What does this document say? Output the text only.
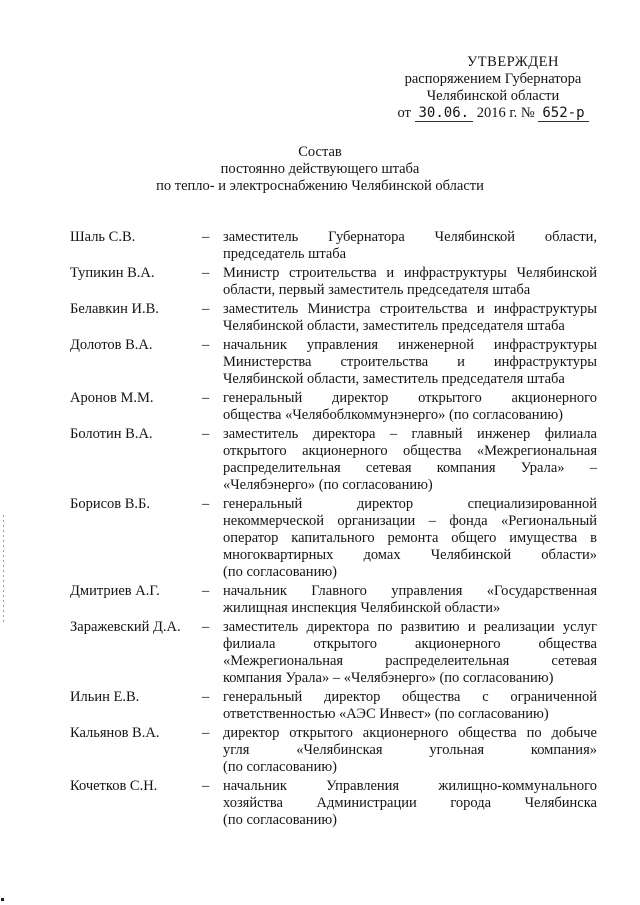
УТВЕРЖДЕН
распоряжением Губернатора
Челябинской области
от 30.06. 2016 г. № 652-р
Состав
постоянно действующего штаба
по тепло- и электроснабжению Челябинской области
Шаль С.В.	– заместитель Губернатора Челябинской области,
председатель штаба
Тупикин В.А.	– Министр строительства и инфраструктуры Челябинской
области, первый заместитель председателя штаба
Белавкин И.В.	– заместитель Министра строительства и инфраструктуры
Челябинской области, заместитель председателя штаба
Долотов В.А.	– начальник управления инженерной инфраструктуры
Министерства строительства и инфраструктуры
Челябинской области, заместитель председателя штаба
Аронов М.М.	– генеральный директор открытого акционерного
общества «Челябоблкоммунэнерго» (по согласованию)
Болотин В.А.	– заместитель директора – главный инженер филиала
открытого акционерного общества «Межрегиональная
распределительная сетевая компания Урала» –
«Челябэнерго» (по согласованию)
Борисов В.Б.	– генеральный директор специализированной
некоммерческой организации – фонда «Региональный
оператор капитального ремонта общего имущества в
многоквартирных домах Челябинской области»
(по согласованию)
Дмитриев А.Г.	– начальник Главного управления «Государственная
жилищная инспекция Челябинской области»
Заражевский Д.А. – заместитель директора по развитию и реализации услуг
филиала открытого акционерного общества
«Межрегиональная распределеительная сетевая
компания Урала» – «Челябэнерго» (по согласованию)
Ильин Е.В.	– генеральный директор общества с ограниченной
ответственностью «АЭС Инвест» (по согласованию)
Кальянов В.А.	– директор открытого акционерного общества по добыче
угля «Челябинская угольная компания»
(по согласованию)
Кочетков С.Н.	– начальник Управления жилищно-коммунального
хозяйства Администрации города Челябинска
(по согласованию)
